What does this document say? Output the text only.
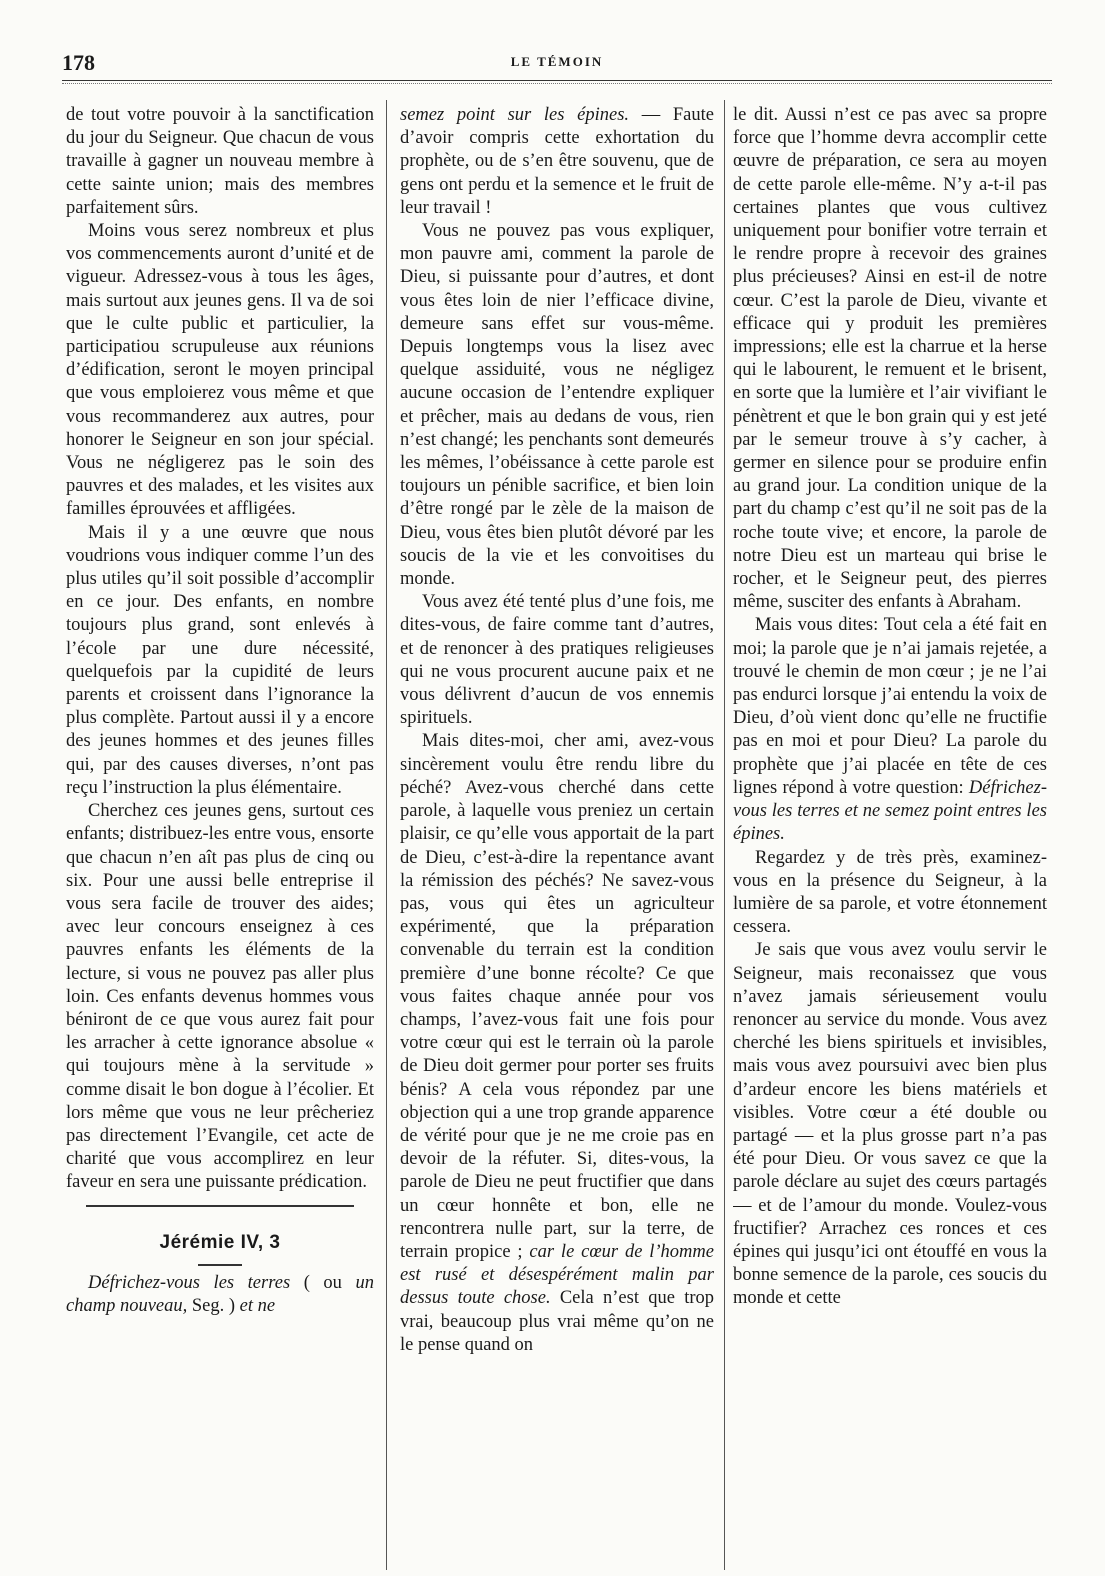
178	LE TÉMOIN

de tout votre pouvoir à la sanctification du jour du Seigneur. Que chacun de vous travaille à gagner un nouveau membre à cette sainte union; mais des membres parfaitement sûrs.

Moins vous serez nombreux et plus vos commencements auront d’unité et de vigueur. Adressez-vous à tous les âges, mais surtout aux jeunes gens. Il va de soi que le culte public et particulier, la participatiou scrupuleuse aux réunions d’édification, seront le moyen principal que vous emploierez vous même et que vous recommanderez aux autres, pour honorer le Seigneur en son jour spécial. Vous ne négligerez pas le soin des pauvres et des malades, et les visites aux familles éprouvées et affligées.

Mais il y a une œuvre que nous voudrions vous indiquer comme l’un des plus utiles qu’il soit possible d’accomplir en ce jour. Des enfants, en nombre toujours plus grand, sont enlevés à l’école par une dure nécessité, quelquefois par la cupidité de leurs parents et croissent dans l’ignorance la plus complète. Partout aussi il y a encore des jeunes hommes et des jeunes filles qui, par des causes diverses, n’ont pas reçu l’instruction la plus élémentaire.

Cherchez ces jeunes gens, surtout ces enfants; distribuez-les entre vous, ensorte que chacun n’en aît pas plus de cinq ou six. Pour une aussi belle entreprise il vous sera facile de trouver des aides; avec leur concours enseignez à ces pauvres enfants les éléments de la lecture, si vous ne pouvez pas aller plus loin. Ces enfants devenus hommes vous béniront de ce que vous aurez fait pour les arracher à cette ignorance absolue « qui toujours mène à la servitude » comme disait le bon dogue à l’écolier. Et lors même que vous ne leur prêcheriez pas directement l’Evangile, cet acte de charité que vous accomplirez en leur faveur en sera une puissante prédication.

Jérémie IV, 3

Défrichez-vous les terres ( ou un champ nouveau, Seg. ) et ne

semez point sur les épines. — Faute d’avoir compris cette exhortation du prophète, ou de s’en être souvenu, que de gens ont perdu et la semence et le fruit de leur travail !

Vous ne pouvez pas vous expliquer, mon pauvre ami, comment la parole de Dieu, si puissante pour d’autres, et dont vous êtes loin de nier l’efficace divine, demeure sans effet sur vous-même. Depuis longtemps vous la lisez avec quelque assiduité, vous ne négligez aucune occasion de l’entendre expliquer et prêcher, mais au dedans de vous, rien n’est changé; les penchants sont demeurés les mêmes, l’obéissance à cette parole est toujours un pénible sacrifice, et bien loin d’être rongé par le zèle de la maison de Dieu, vous êtes bien plutôt dévoré par les soucis de la vie et les convoitises du monde.

Vous avez été tenté plus d’une fois, me dites-vous, de faire comme tant d’autres, et de renoncer à des pratiques religieuses qui ne vous procurent aucune paix et ne vous délivrent d’aucun de vos ennemis spirituels.

Mais dites-moi, cher ami, avez-vous sincèrement voulu être rendu libre du péché? Avez-vous cherché dans cette parole, à laquelle vous preniez un certain plaisir, ce qu’elle vous apportait de la part de Dieu, c’est-à-dire la repentance avant la rémission des péchés? Ne savez-vous pas, vous qui êtes un agriculteur expérimenté, que la préparation convenable du terrain est la condition première d’une bonne récolte? Ce que vous faites chaque année pour vos champs, l’avez-vous fait une fois pour votre cœur qui est le terrain où la parole de Dieu doit germer pour porter ses fruits bénis? A cela vous répondez par une objection qui a une trop grande apparence de vérité pour que je ne me croie pas en devoir de la réfuter. Si, dites-vous, la parole de Dieu ne peut fructifier que dans un cœur honnête et bon, elle ne rencontrera nulle part, sur la terre, de terrain propice ; car le cœur de l’homme est rusé et désespérément malin par dessus toute chose. Cela n’est que trop vrai, beaucoup plus vrai même qu’on ne le pense quand on

le dit. Aussi n’est ce pas avec sa propre force que l’homme devra accomplir cette œuvre de préparation, ce sera au moyen de cette parole elle-même. N’y a-t-il pas certaines plantes que vous cultivez uniquement pour bonifier votre terrain et le rendre propre à recevoir des graines plus précieuses? Ainsi en est-il de notre cœur. C’est la parole de Dieu, vivante et efficace qui y produit les premières impressions; elle est la charrue et la herse qui le labourent, le remuent et le brisent, en sorte que la lumière et l’air vivifiant le pénètrent et que le bon grain qui y est jeté par le semeur trouve à s’y cacher, à germer en silence pour se produire enfin au grand jour. La condition unique de la part du champ c’est qu’il ne soit pas de la roche toute vive; et encore, la parole de notre Dieu est un marteau qui brise le rocher, et le Seigneur peut, des pierres même, susciter des enfants à Abraham.

Mais vous dites: Tout cela a été fait en moi; la parole que je n’ai jamais rejetée, a trouvé le chemin de mon cœur ; je ne l’ai pas endurci lorsque j’ai entendu la voix de Dieu, d’où vient donc qu’elle ne fructifie pas en moi et pour Dieu? La parole du prophète que j’ai placée en tête de ces lignes répond à votre question: Défrichez-vous les terres et ne semez point entres les épines.

Regardez y de très près, examinez-vous en la présence du Seigneur, à la lumière de sa parole, et votre étonnement cessera.

Je sais que vous avez voulu servir le Seigneur, mais reconaissez que vous n’avez jamais sérieusement voulu renoncer au service du monde. Vous avez cherché les biens spirituels et invisibles, mais vous avez poursuivi avec bien plus d’ardeur encore les biens matériels et visibles. Votre cœur a été double ou partagé — et la plus grosse part n’a pas été pour Dieu. Or vous savez ce que la parole déclare au sujet des cœurs partagés — et de l’amour du monde. Voulez-vous fructifier? Arrachez ces ronces et ces épines qui jusqu’ici ont étouffé en vous la bonne semence de la parole, ces soucis du monde et cette
